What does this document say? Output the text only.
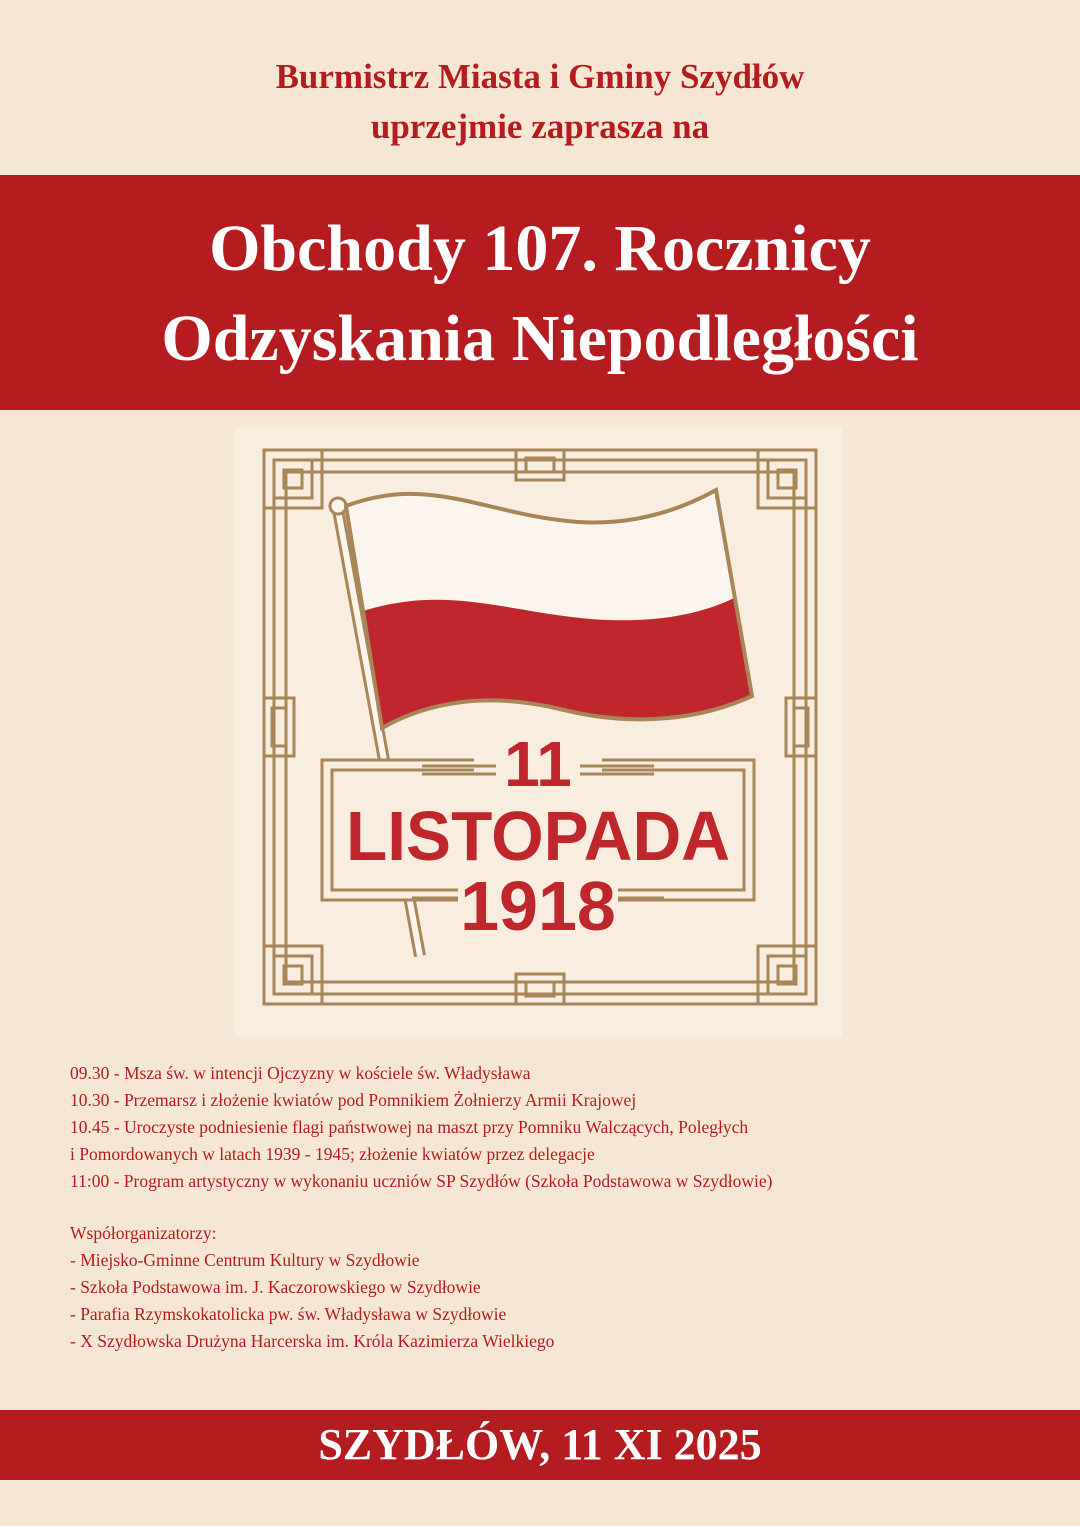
Burmistrz Miasta i Gminy Szydłów
uprzejmie zaprasza na
Obchody 107. Rocznicy
Odzyskania Niepodległości
11
LISTOPADA
1918
09.30 - Msza św. w intencji Ojczyzny w kościele św. Władysława
10.30 - Przemarsz i złożenie kwiatów pod Pomnikiem Żołnierzy Armii Krajowej
10.45 - Uroczyste podniesienie flagi państwowej na maszt przy Pomniku Walczących, Poległych
i Pomordowanych w latach 1939 - 1945; złożenie kwiatów przez delegacje
11:00 - Program artystyczny w wykonaniu uczniów SP Szydłów (Szkoła Podstawowa w Szydłowie)
Współorganizatorzy:
- Miejsko-Gminne Centrum Kultury w Szydłowie
- Szkoła Podstawowa im. J. Kaczorowskiego w Szydłowie
- Parafia Rzymskokatolicka pw. św. Władysława w Szydłowie
- X Szydłowska Drużyna Harcerska im. Króla Kazimierza Wielkiego
SZYDŁÓW, 11 XI 2025
